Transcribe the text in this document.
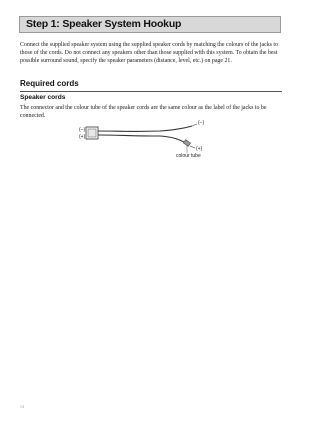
Step 1: Speaker System Hookup

Connect the supplied speaker system using the supplied speaker cords by matching the colours of the jacks to those of the cords. Do not connect any speakers other than those supplied with this system. To obtain the best possible surround sound, specify the speaker parameters (distance, level, etc.) on page 21.

Required cords
Speaker cords

The connector and the colour tube of the speaker cords are the same colour as the label of the jacks to be connected.

(–)
(+)
(–)
(+)
colour tube
14
